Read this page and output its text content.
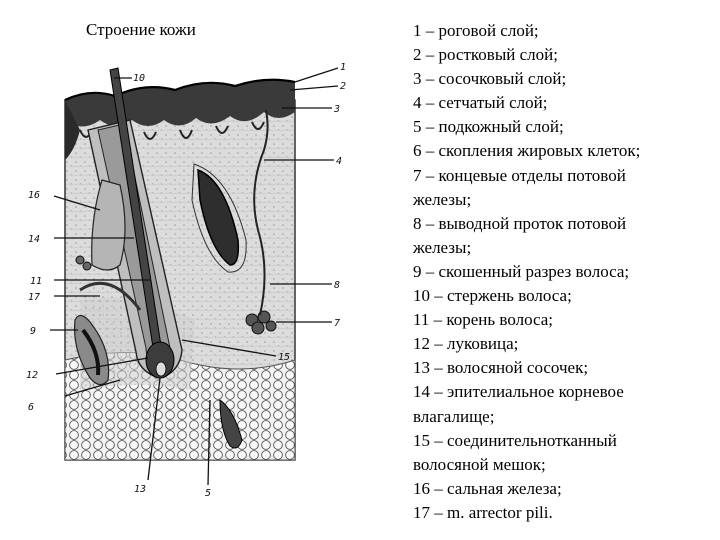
Строение кожи
1
2
3
4
5
6
7
8
9
10
11
12
13
14
15
16
17
1 – роговой слой;
2 – ростковый слой;
3 – сосочковый слой;
4 – сетчатый слой;
5 – подкожный слой;
6 – скопления жировых клеток;
7 – концевые отделы потовой
железы;
8 – выводной проток потовой
железы;
9 – скошенный разрез волоса;
10 – стержень волоса;
11 – корень волоса;
12 – луковица;
13 – волосяной сосочек;
14 – эпителиальное корневое
влагалище;
15 – соединительнотканный
волосяной мешок;
16 – сальная железа;
17 – m. arrector pili.
